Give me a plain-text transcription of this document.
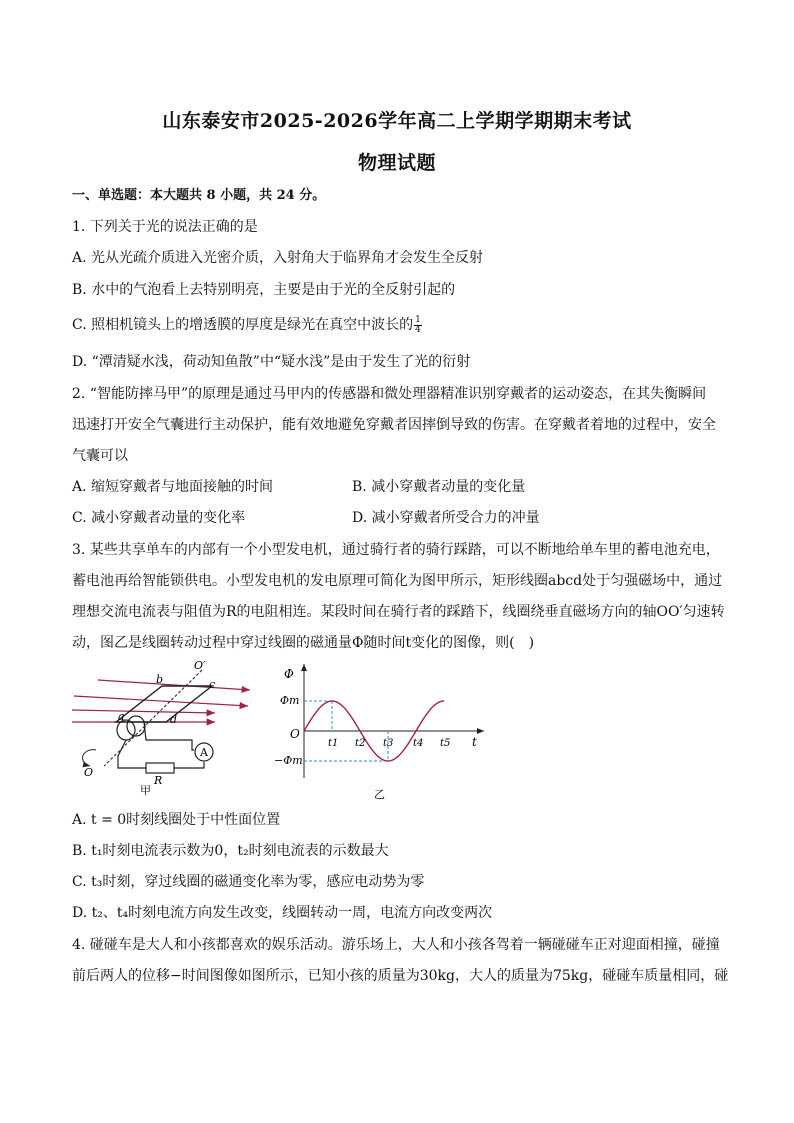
山东泰安市2025-2026学年高二上学期学期期末考试
物理试题
一、单选题：本大题共 8 小题，共 24 分。
1. 下列关于光的说法正确的是
A. 光从光疏介质进入光密介质，入射角大于临界角才会发生全反射
B. 水中的气泡看上去特别明亮，主要是由于光的全反射引起的
C. 照相机镜头上的增透膜的厚度是绿光在真空中波长的 $\frac{1}{4}$
D. “潭清疑水浅，荷动知鱼散”中“疑水浅”是由于发生了光的衍射
2. “智能防摔马甲”的原理是通过马甲内的传感器和微处理器精准识别穿戴者的运动姿态，在其失衡瞬间
迅速打开安全气囊进行主动保护，能有效地避免穿戴者因摔倒导致的伤害。在穿戴者着地的过程中，安全
气囊可以
A. 缩短穿戴者与地面接触的时间	B. 减小穿戴者动量的变化量
C. 减小穿戴者动量的变化率	D. 减小穿戴者所受合力的冲量
3. 某些共享单车的内部有一个小型发电机，通过骑行者的骑行踩踏，可以不断地给单车里的蓄电池充电，
蓄电池再给智能锁供电。小型发电机的发电原理可简化为图甲所示，矩形线圈abcd处于匀强磁场中，通过
理想交流电流表与阻值为R的电阻相连。某段时间在骑行者的踩踏下，线圈绕垂直磁场方向的轴OO′匀速转
动，图乙是线圈转动过程中穿过线圈的磁通量Φ随时间t变化的图像，则(　)
b	c
a	d
O′
O
R
A
甲
Φ
t
O
Φm
−Φm
t1 t2 t3 t4 t5
乙
A. t = 0时刻线圈处于中性面位置
B. t₁时刻电流表示数为0，t₂时刻电流表的示数最大
C. t₃时刻，穿过线圈的磁通变化率为零，感应电动势为零
D. t₂、t₄时刻电流方向发生改变，线圈转动一周，电流方向改变两次
4. 碰碰车是大人和小孩都喜欢的娱乐活动。游乐场上，大人和小孩各驾着一辆碰碰车正对迎面相撞，碰撞
前后两人的位移−时间图像如图所示，已知小孩的质量为30kg，大人的质量为75kg，碰碰车质量相同，碰
